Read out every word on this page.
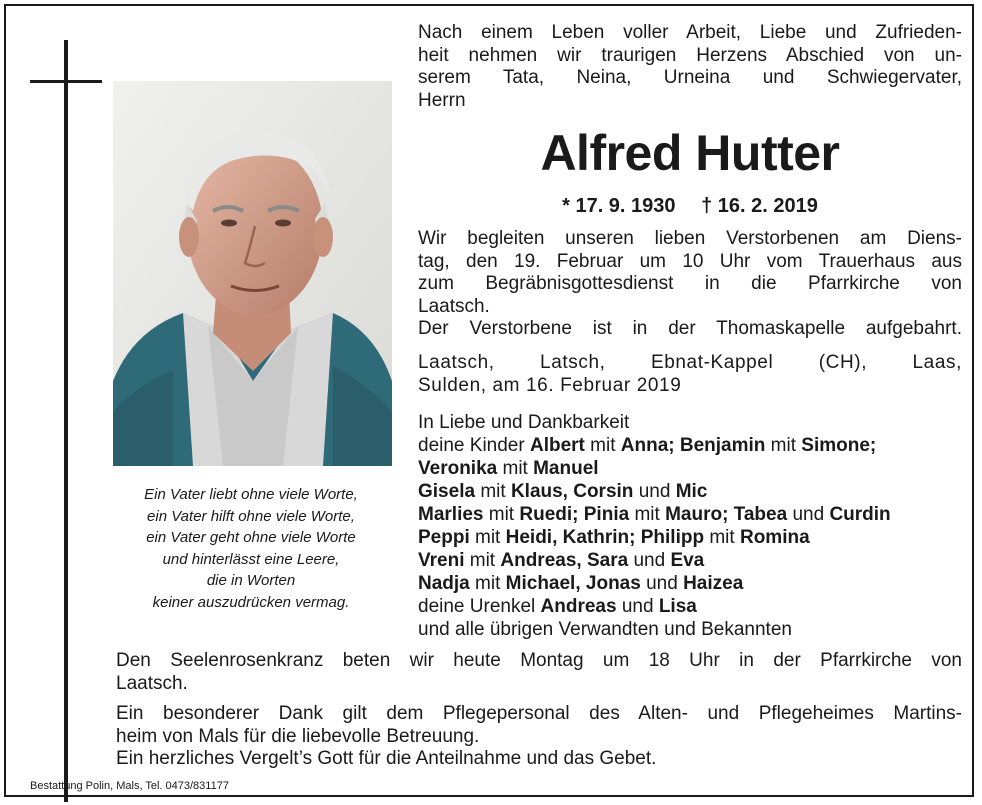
Ein Vater liebt ohne viele Worte,
ein Vater hilft ohne viele Worte,
ein Vater geht ohne viele Worte
und hinterlässt eine Leere,
die in Worten
keiner auszudrücken vermag.
Nach einem Leben voller Arbeit, Liebe und Zufrieden-
heit nehmen wir traurigen Herzens Abschied von un-
serem Tata, Neina, Urneina und Schwiegervater,
Herrn
Alfred Hutter
* 17. 9. 1930 † 16. 2. 2019
Wir begleiten unseren lieben Verstorbenen am Diens-
tag, den 19. Februar um 10 Uhr vom Trauerhaus aus
zum Begräbnisgottesdienst in die Pfarrkirche von
Laatsch.
Der Verstorbene ist in der Thomaskapelle aufgebahrt.
Laatsch, Latsch, Ebnat-Kappel (CH), Laas,
Sulden, am 16. Februar 2019
In Liebe und Dankbarkeit
deine Kinder Albert mit Anna; Benjamin mit Simone;
Veronika mit Manuel
Gisela mit Klaus, Corsin und Mic
Marlies mit Ruedi; Pinia mit Mauro; Tabea und Curdin
Peppi mit Heidi, Kathrin; Philipp mit Romina
Vreni mit Andreas, Sara und Eva
Nadja mit Michael, Jonas und Haizea
deine Urenkel Andreas und Lisa
und alle übrigen Verwandten und Bekannten
Den Seelenrosenkranz beten wir heute Montag um 18 Uhr in der Pfarrkirche von
Laatsch.
Ein besonderer Dank gilt dem Pflegepersonal des Alten- und Pflegeheimes Martins-
heim von Mals für die liebevolle Betreuung.
Ein herzliches Vergelt’s Gott für die Anteilnahme und das Gebet.
Bestattung Polin, Mals, Tel. 0473/831177
